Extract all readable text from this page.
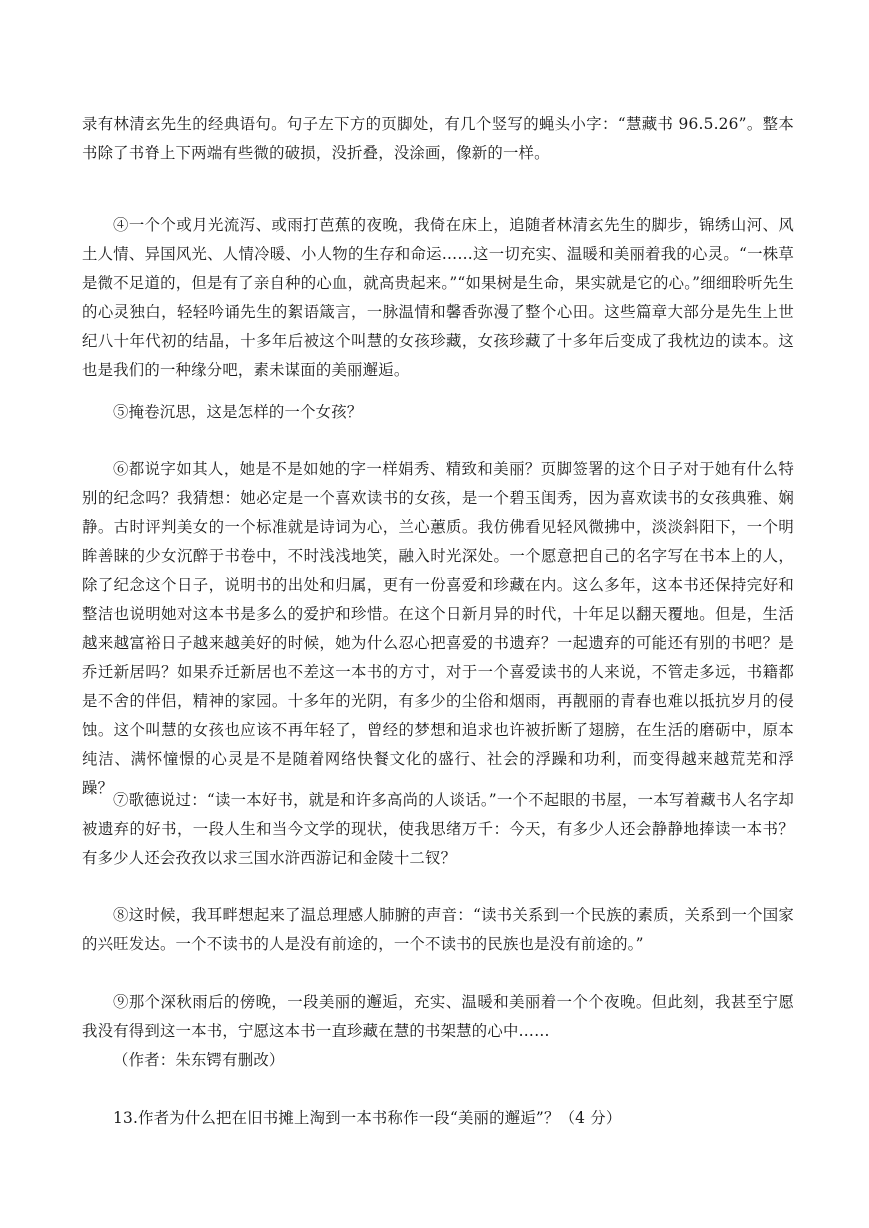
录有林清玄先生的经典语句。句子左下方的页脚处，有几个竖写的蝇头小字：“慧藏书 96.5.26”。整本书除了书脊上下两端有些微的破损，没折叠，没涂画，像新的一样。

④一个个或月光流泻、或雨打芭蕉的夜晚，我倚在床上，追随者林清玄先生的脚步，锦绣山河、风土人情、异国风光、人情冷暖、小人物的生存和命运……这一切充实、温暖和美丽着我的心灵。“一株草是微不足道的，但是有了亲自种的心血，就高贵起来。”“如果树是生命，果实就是它的心。”细细聆听先生的心灵独白，轻轻吟诵先生的絮语箴言，一脉温情和馨香弥漫了整个心田。这些篇章大部分是先生上世纪八十年代初的结晶，十多年后被这个叫慧的女孩珍藏，女孩珍藏了十多年后变成了我枕边的读本。这也是我们的一种缘分吧，素未谋面的美丽邂逅。

⑤掩卷沉思，这是怎样的一个女孩？

⑥都说字如其人，她是不是如她的字一样娟秀、精致和美丽？页脚签署的这个日子对于她有什么特别的纪念吗？我猜想：她必定是一个喜欢读书的女孩，是一个碧玉闺秀，因为喜欢读书的女孩典雅、娴静。古时评判美女的一个标准就是诗词为心，兰心蕙质。我仿佛看见轻风微拂中，淡淡斜阳下，一个明眸善睐的少女沉醉于书卷中，不时浅浅地笑，融入时光深处。一个愿意把自己的名字写在书本上的人，除了纪念这个日子，说明书的出处和归属，更有一份喜爱和珍藏在内。这么多年，这本书还保持完好和整洁也说明她对这本书是多么的爱护和珍惜。在这个日新月异的时代，十年足以翻天覆地。但是，生活越来越富裕日子越来越美好的时候，她为什么忍心把喜爱的书遗弃？一起遗弃的可能还有别的书吧？是乔迁新居吗？如果乔迁新居也不差这一本书的方寸，对于一个喜爱读书的人来说，不管走多远，书籍都是不舍的伴侣，精神的家园。十多年的光阴，有多少的尘俗和烟雨，再靓丽的青春也难以抵抗岁月的侵蚀。这个叫慧的女孩也应该不再年轻了，曾经的梦想和追求也许被折断了翅膀，在生活的磨砺中，原本纯洁、满怀憧憬的心灵是不是随着网络快餐文化的盛行、社会的浮躁和功利，而变得越来越荒芜和浮躁？

⑦歌德说过：“读一本好书，就是和许多高尚的人谈话。”一个不起眼的书屋，一本写着藏书人名字却被遗弃的好书，一段人生和当今文学的现状，使我思绪万千：今天，有多少人还会静静地捧读一本书？有多少人还会孜孜以求三国水浒西游记和金陵十二钗？

⑧这时候，我耳畔想起来了温总理感人肺腑的声音：“读书关系到一个民族的素质，关系到一个国家的兴旺发达。一个不读书的人是没有前途的，一个不读书的民族也是没有前途的。”

⑨那个深秋雨后的傍晚，一段美丽的邂逅，充实、温暖和美丽着一个个夜晚。但此刻，我甚至宁愿我没有得到这一本书，宁愿这本书一直珍藏在慧的书架慧的心中……

（作者：朱东锷有删改）

13.作者为什么把在旧书摊上淘到一本书称作一段“美丽的邂逅”？（4 分）
